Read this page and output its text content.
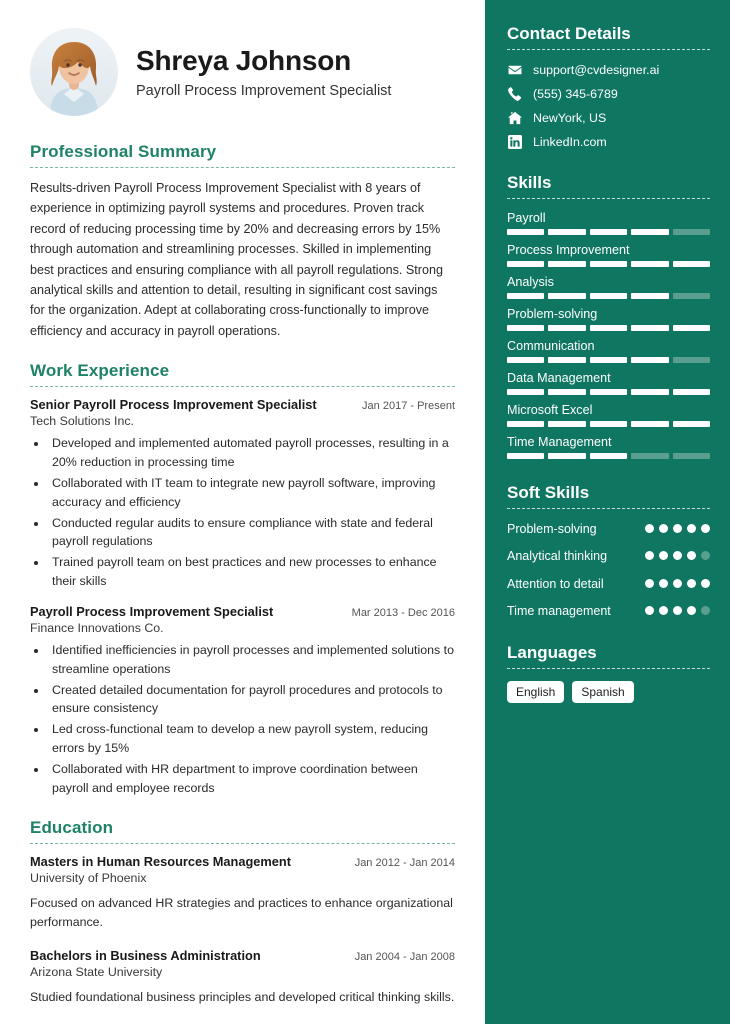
Shreya Johnson
Payroll Process Improvement Specialist
Professional Summary
Results-driven Payroll Process Improvement Specialist with 8 years of experience in optimizing payroll systems and procedures. Proven track record of reducing processing time by 20% and decreasing errors by 15% through automation and streamlining processes. Skilled in implementing best practices and ensuring compliance with all payroll regulations. Strong analytical skills and attention to detail, resulting in significant cost savings for the organization. Adept at collaborating cross-functionally to improve efficiency and accuracy in payroll operations.
Work Experience
Senior Payroll Process Improvement Specialist	Jan 2017 - Present
Tech Solutions Inc.
• Developed and implemented automated payroll processes, resulting in a 20% reduction in processing time
• Collaborated with IT team to integrate new payroll software, improving accuracy and efficiency
• Conducted regular audits to ensure compliance with state and federal payroll regulations
• Trained payroll team on best practices and new processes to enhance their skills
Payroll Process Improvement Specialist	Mar 2013 - Dec 2016
Finance Innovations Co.
• Identified inefficiencies in payroll processes and implemented solutions to streamline operations
• Created detailed documentation for payroll procedures and protocols to ensure consistency
• Led cross-functional team to develop a new payroll system, reducing errors by 15%
• Collaborated with HR department to improve coordination between payroll and employee records
Education
Masters in Human Resources Management	Jan 2012 - Jan 2014
University of Phoenix
Focused on advanced HR strategies and practices to enhance organizational performance.
Bachelors in Business Administration	Jan 2004 - Jan 2008
Arizona State University
Studied foundational business principles and developed critical thinking skills.
Contact Details
support@cvdesigner.ai
(555) 345-6789
NewYork, US
LinkedIn.com
Skills
Payroll
Process Improvement
Analysis
Problem-solving
Communication
Data Management
Microsoft Excel
Time Management
Soft Skills
Problem-solving
Analytical thinking
Attention to detail
Time management
Languages
English	Spanish
